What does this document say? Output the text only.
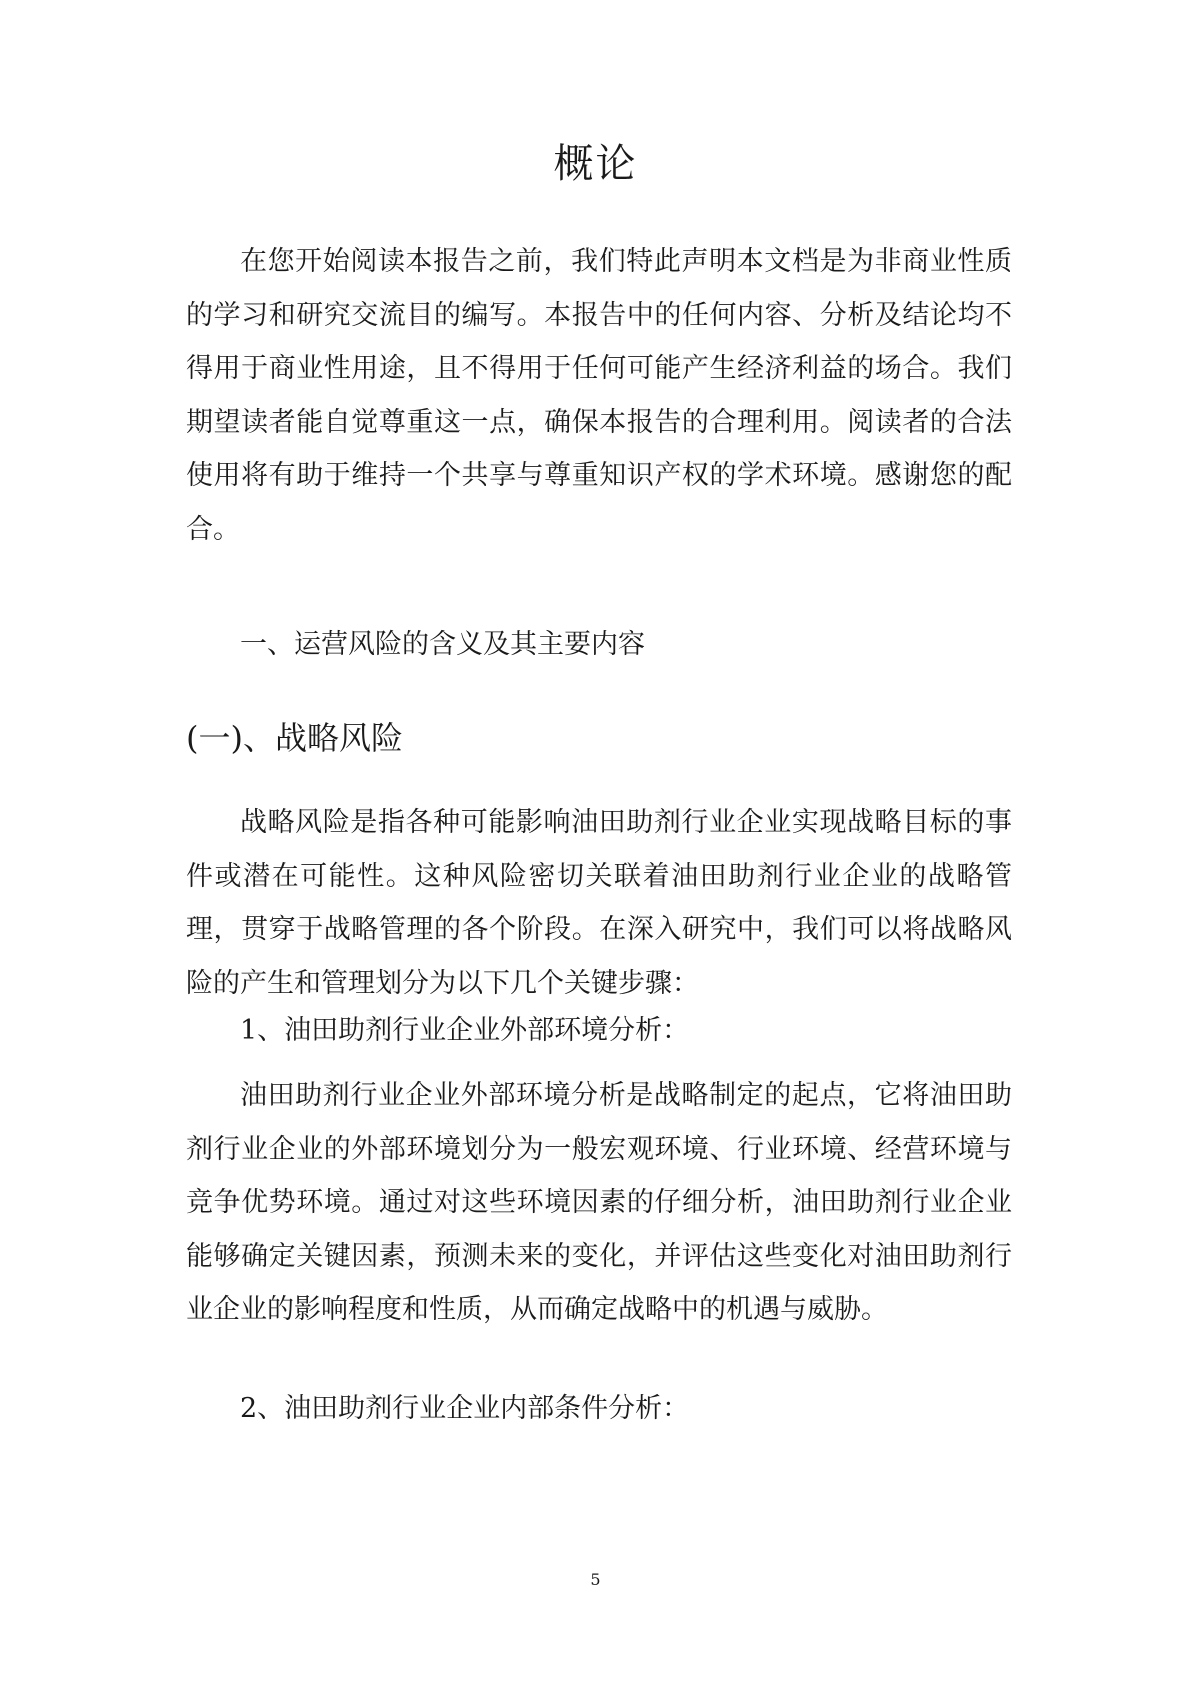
概论

在您开始阅读本报告之前，我们特此声明本文档是为非商业性质的学习和研究交流目的编写。本报告中的任何内容、分析及结论均不得用于商业性用途，且不得用于任何可能产生经济利益的场合。我们期望读者能自觉尊重这一点，确保本报告的合理利用。阅读者的合法使用将有助于维持一个共享与尊重知识产权的学术环境。感谢您的配合。

一、运营风险的含义及其主要内容

(一)、战略风险

战略风险是指各种可能影响油田助剂行业企业实现战略目标的事件或潜在可能性。这种风险密切关联着油田助剂行业企业的战略管理，贯穿于战略管理的各个阶段。在深入研究中，我们可以将战略风险的产生和管理划分为以下几个关键步骤：

1、油田助剂行业企业外部环境分析：

油田助剂行业企业外部环境分析是战略制定的起点，它将油田助剂行业企业的外部环境划分为一般宏观环境、行业环境、经营环境与竞争优势环境。通过对这些环境因素的仔细分析，油田助剂行业企业能够确定关键因素，预测未来的变化，并评估这些变化对油田助剂行业企业的影响程度和性质，从而确定战略中的机遇与威胁。

2、油田助剂行业企业内部条件分析：

5
